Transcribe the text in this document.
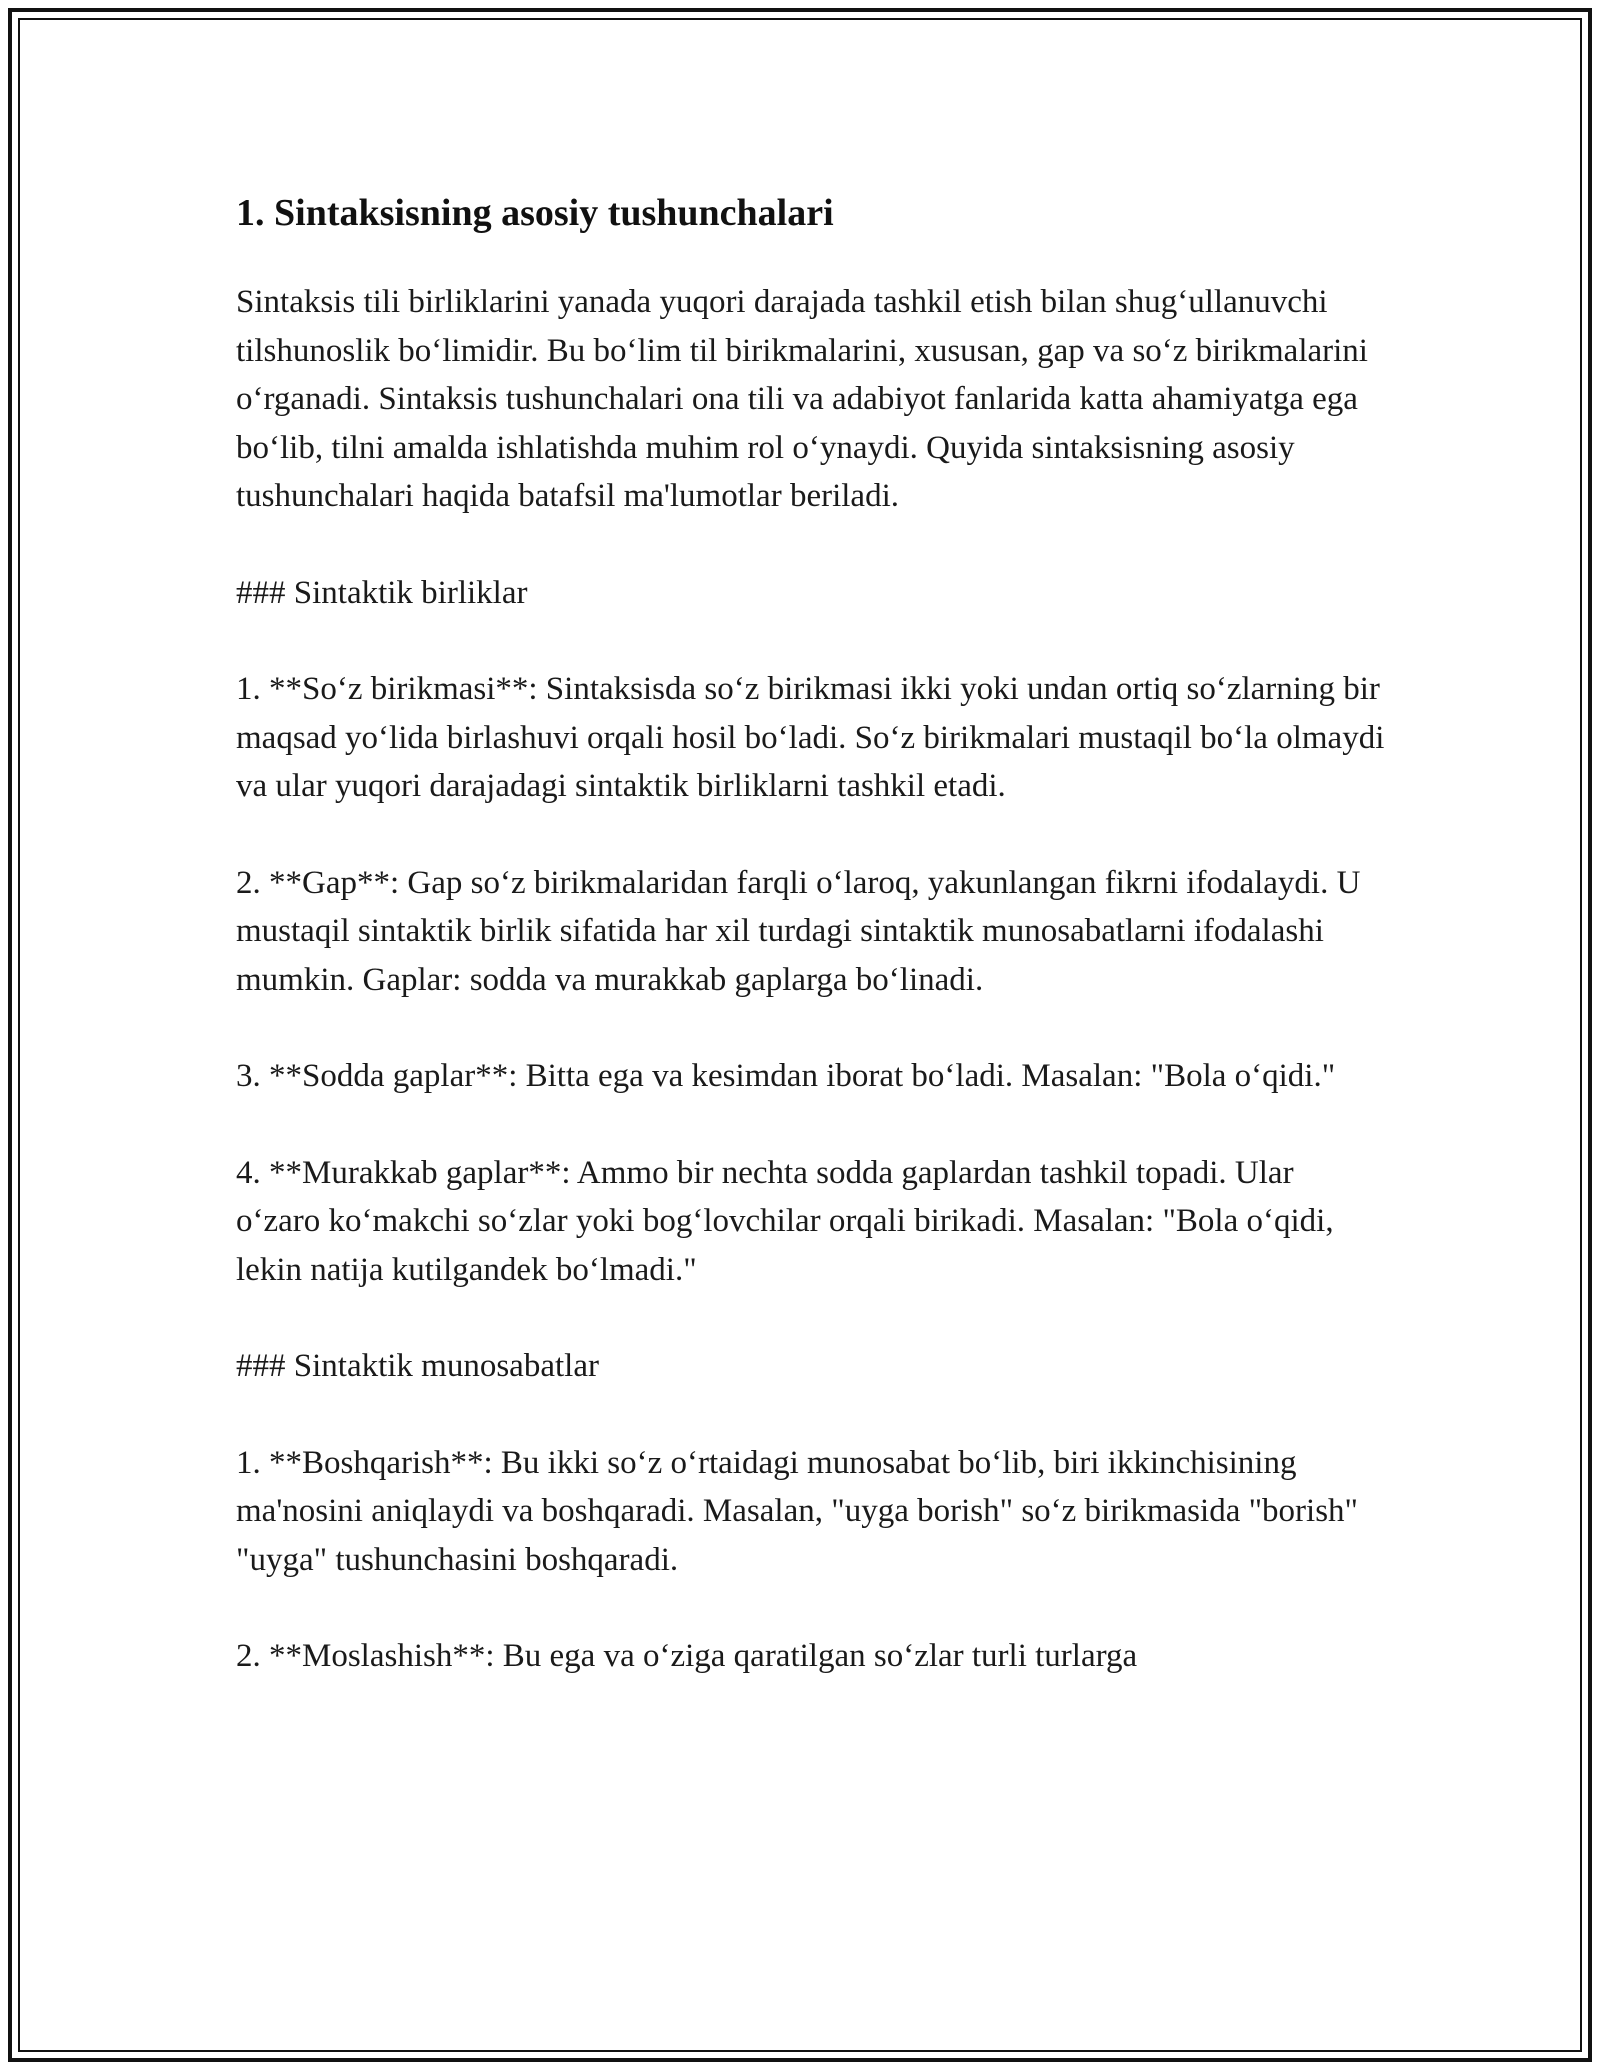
1. Sintaksisning asosiy tushunchalari

Sintaksis tili birliklarini yanada yuqori darajada tashkil etish bilan shug‘ullanuvchi tilshunoslik bo‘limidir. Bu bo‘lim til birikmalarini, xususan, gap va so‘z birikmalarini o‘rganadi. Sintaksis tushunchalari ona tili va adabiyot fanlarida katta ahamiyatga ega bo‘lib, tilni amalda ishlatishda muhim rol o‘ynaydi. Quyida sintaksisning asosiy tushunchalari haqida batafsil ma'lumotlar beriladi.

### Sintaktik birliklar

1. **So‘z birikmasi**: Sintaksisda so‘z birikmasi ikki yoki undan ortiq so‘zlarning bir maqsad yo‘lida birlashuvi orqali hosil bo‘ladi. So‘z birikmalari mustaqil bo‘la olmaydi va ular yuqori darajadagi sintaktik birliklarni tashkil etadi.

2. **Gap**: Gap so‘z birikmalaridan farqli o‘laroq, yakunlangan fikrni ifodalaydi. U mustaqil sintaktik birlik sifatida har xil turdagi sintaktik munosabatlarni ifodalashi mumkin. Gaplar: sodda va murakkab gaplarga bo‘linadi.

3. **Sodda gaplar**: Bitta ega va kesimdan iborat bo‘ladi. Masalan: "Bola o‘qidi."

4. **Murakkab gaplar**: Ammo bir nechta sodda gaplardan tashkil topadi. Ular o‘zaro ko‘makchi so‘zlar yoki bog‘lovchilar orqali birikadi. Masalan: "Bola o‘qidi, lekin natija kutilgandek bo‘lmadi."

### Sintaktik munosabatlar

1. **Boshqarish**: Bu ikki so‘z o‘rtaidagi munosabat bo‘lib, biri ikkinchisining ma'nosini aniqlaydi va boshqaradi. Masalan, "uyga borish" so‘z birikmasida "borish" "uyga" tushunchasini boshqaradi.

2. **Moslashish**: Bu ega va o‘ziga qaratilgan so‘zlar turli turlarga
